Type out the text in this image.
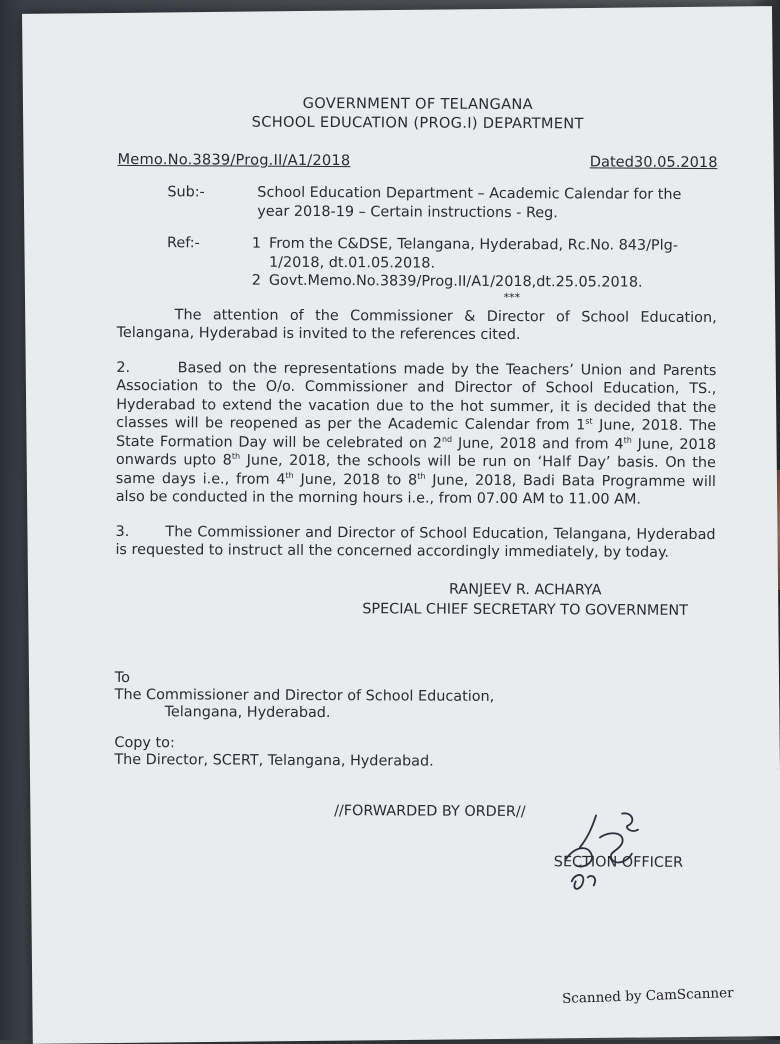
GOVERNMENT OF TELANGANA
SCHOOL EDUCATION (PROG.I) DEPARTMENT
Memo.No.3839/Prog.II/A1/2018	Dated30.05.2018
Sub:-	School Education Department – Academic Calendar for the year 2018-19 – Certain instructions - Reg.
Ref:-	1 From the C&DSE, Telangana, Hyderabad, Rc.No. 843/Plg-1/2018, dt.01.05.2018.
2 Govt.Memo.No.3839/Prog.II/A1/2018,dt.25.05.2018.
***
The attention of the Commissioner & Director of School Education, Telangana, Hyderabad is invited to the references cited.
2.	Based on the representations made by the Teachers’ Union and Parents Association to the O/o. Commissioner and Director of School Education, TS., Hyderabad to extend the vacation due to the hot summer, it is decided that the classes will be reopened as per the Academic Calendar from 1st June, 2018. The State Formation Day will be celebrated on 2nd June, 2018 and from 4th June, 2018 onwards upto 8th June, 2018, the schools will be run on ‘Half Day’ basis. On the same days i.e., from 4th June, 2018 to 8th June, 2018, Badi Bata Programme will also be conducted in the morning hours i.e., from 07.00 AM to 11.00 AM.
3.	The Commissioner and Director of School Education, Telangana, Hyderabad is requested to instruct all the concerned accordingly immediately, by today.
RANJEEV R. ACHARYA
SPECIAL CHIEF SECRETARY TO GOVERNMENT
To
The Commissioner and Director of School Education,
Telangana, Hyderabad.
Copy to:
The Director, SCERT, Telangana, Hyderabad.
//FORWARDED BY ORDER//
SECTION OFFICER
Scanned by CamScanner
